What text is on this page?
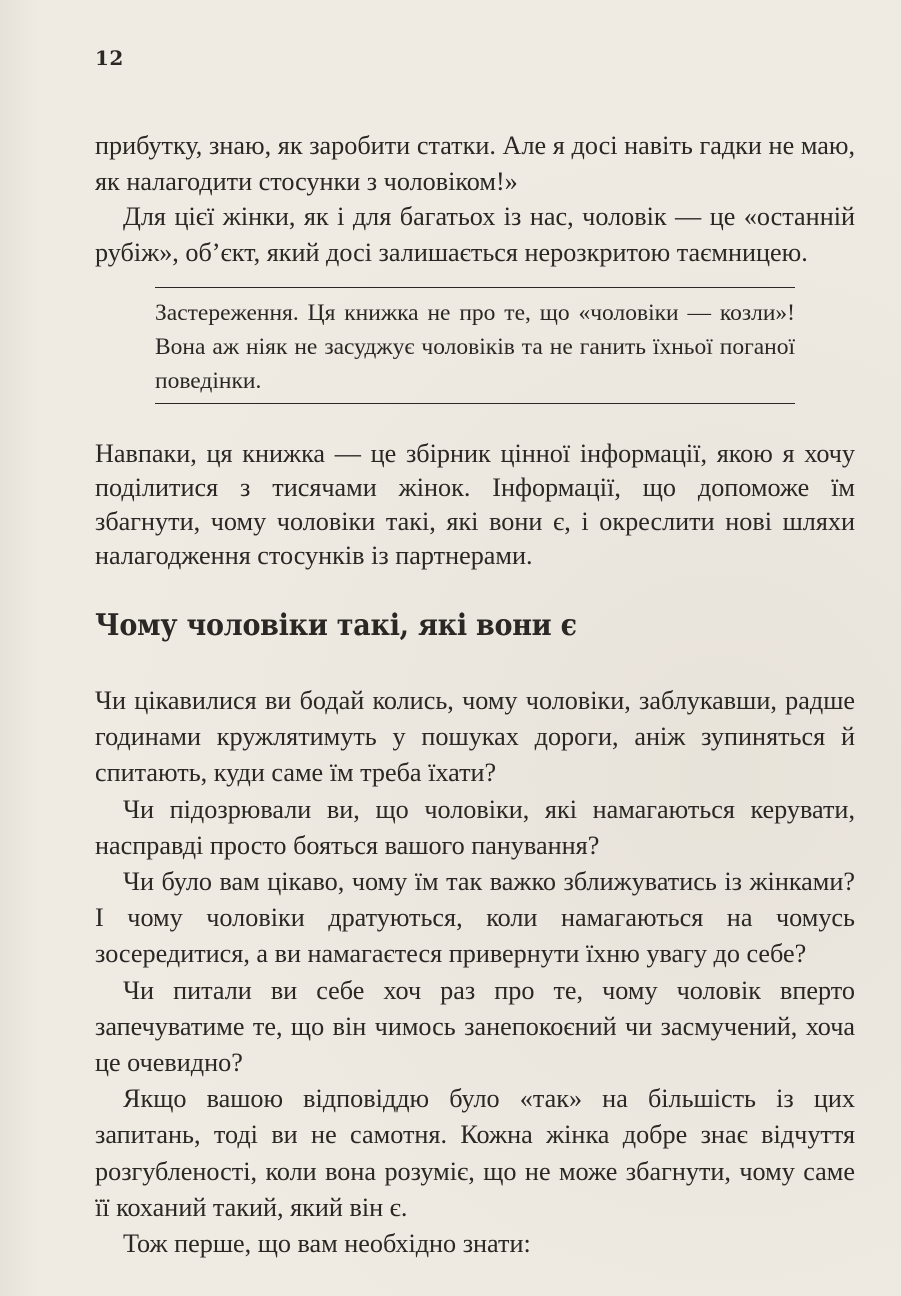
12

прибутку, знаю, як заробити статки. Але я досі навіть гадки не маю, як налагодити стосунки з чоловіком!»

Для цієї жінки, як і для багатьох із нас, чоловік — це «останній рубіж», об’єкт, який досі залишається нерозкритою таємницею.

Застереження. Ця книжка не про те, що «чоловіки — козли»! Вона аж ніяк не засуджує чоловіків та не ганить їхньої поганої поведінки.

Навпаки, ця книжка — це збірник цінної інформації, якою я хочу поділитися з тисячами жінок. Інформації, що допоможе їм збагнути, чому чоловіки такі, які вони є, і окреслити нові шляхи налагодження стосунків із партнерами.

Чому чоловіки такі, які вони є

Чи цікавилися ви бодай колись, чому чоловіки, заблукавши, радше годинами кружлятимуть у пошуках дороги, аніж зупиняться й спитають, куди саме їм треба їхати?

Чи підозрювали ви, що чоловіки, які намагаються керувати, насправді просто бояться вашого панування?

Чи було вам цікаво, чому їм так важко зближуватись із жінками? І чому чоловіки дратуються, коли намагаються на чомусь зосередитися, а ви намагаєтеся привернути їхню увагу до себе?

Чи питали ви себе хоч раз про те, чому чоловік вперто запечуватиме те, що він чимось занепокоєний чи засмучений, хоча це очевидно?

Якщо вашою відповіддю було «так» на більшість із цих запитань, тоді ви не самотня. Кожна жінка добре знає відчуття розгубленості, коли вона розуміє, що не може збагнути, чому саме її коханий такий, який він є.

Тож перше, що вам необхідно знати:
